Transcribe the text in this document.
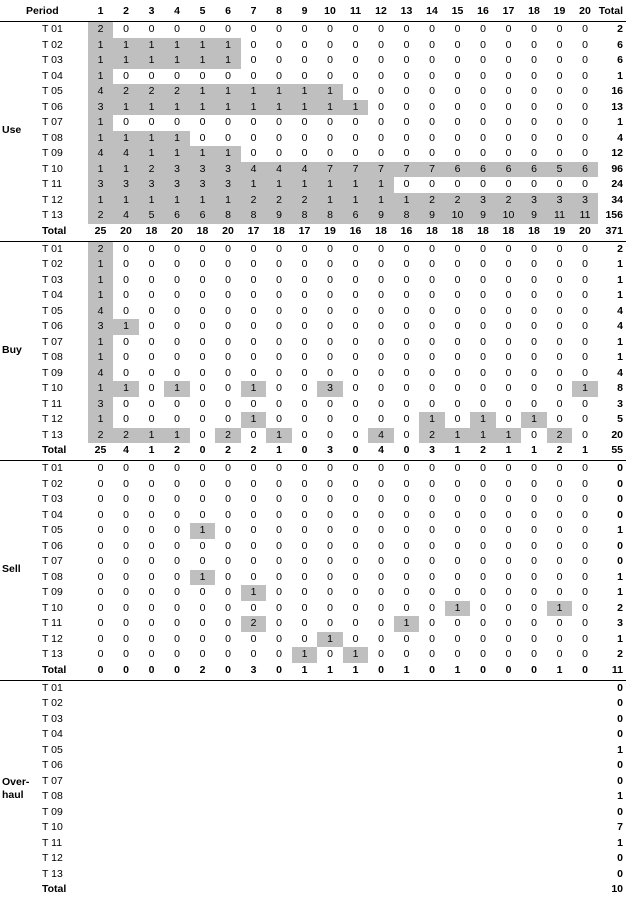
Period	1	2	3	4	5	6	7	8	9	10	11	12	13	14	15	16	17	18	19	20 Total
T 01	2	0	0	0	0	0	0	0	0	0	0	0	0	0	0	0	0	0	0	0	2
T 02	1	1	1	1	1	1	0	0	0	0	0	0	0	0	0	0	0	0	0	0	6
T 03	1	1	1	1	1	1	0	0	0	0	0	0	0	0	0	0	0	0	0	0	6
T 04	1	0	0	0	0	0	0	0	0	0	0	0	0	0	0	0	0	0	0	0	1
T 05	4	2	2	2	1	1	1	1	1	1	0	0	0	0	0	0	0	0	0	0	16
T 06	3	1	1	1	1	1	1	1	1	1	1	0	0	0	0	0	0	0	0	0	13
T 07	1	0	0	0	0	0	0	0	0	0	0	0	0	0	0	0	0	0	0	0	1
T 08	1	1	1	1	0	0	0	0	0	0	0	0	0	0	0	0	0	0	0	0	4
T 09	4	4	1	1	1	1	0	0	0	0	0	0	0	0	0	0	0	0	0	0	12
T 10	1	1	2	3	3	3	4	4	4	7	7	7	7	7	6	6	6	6	5	6	96
T 11	3	3	3	3	3	3	1	1	1	1	1	1	0	0	0	0	0	0	0	0	24
T 12	1	1	1	1	1	1	2	2	2	1	1	1	1	2	2	3	2	3	3	3	34
T 13	2	4	5	6	6	8	8	9	8	8	6	9	8	9	10	9	10	9	11	11	156
Total	25	20	18	20	18	20	17	18	17	19	16	18	16	18	18	18	18	18	19	20	371
Use
T 01	2	0	0	0	0	0	0	0	0	0	0	0	0	0	0	0	0	0	0	0	2
T 02	1	0	0	0	0	0	0	0	0	0	0	0	0	0	0	0	0	0	0	0	1
T 03	1	0	0	0	0	0	0	0	0	0	0	0	0	0	0	0	0	0	0	0	1
T 04	1	0	0	0	0	0	0	0	0	0	0	0	0	0	0	0	0	0	0	0	1
T 05	4	0	0	0	0	0	0	0	0	0	0	0	0	0	0	0	0	0	0	0	4
T 06	3	1	0	0	0	0	0	0	0	0	0	0	0	0	0	0	0	0	0	0	4
T 07	1	0	0	0	0	0	0	0	0	0	0	0	0	0	0	0	0	0	0	0	1
T 08	1	0	0	0	0	0	0	0	0	0	0	0	0	0	0	0	0	0	0	0	1
T 09	4	0	0	0	0	0	0	0	0	0	0	0	0	0	0	0	0	0	0	0	4
T 10	1	1	0	1	0	0	1	0	0	3	0	0	0	0	0	0	0	0	0	1	8
T 11	3	0	0	0	0	0	0	0	0	0	0	0	0	0	0	0	0	0	0	0	3
T 12	1	0	0	0	0	0	1	0	0	0	0	0	0	1	0	1	0	1	0	0	5
T 13	2	2	1	1	0	2	0	1	0	0	0	4	0	2	1	1	1	0	2	0	20
Total	25	4	1	2	0	2	2	1	0	3	0	4	0	3	1	2	1	1	2	1	55
Buy
T 01	0	0	0	0	0	0	0	0	0	0	0	0	0	0	0	0	0	0	0	0	0
T 02	0	0	0	0	0	0	0	0	0	0	0	0	0	0	0	0	0	0	0	0	0
T 03	0	0	0	0	0	0	0	0	0	0	0	0	0	0	0	0	0	0	0	0	0
T 04	0	0	0	0	0	0	0	0	0	0	0	0	0	0	0	0	0	0	0	0	0
T 05	0	0	0	0	1	0	0	0	0	0	0	0	0	0	0	0	0	0	0	0	1
T 06	0	0	0	0	0	0	0	0	0	0	0	0	0	0	0	0	0	0	0	0	0
T 07	0	0	0	0	0	0	0	0	0	0	0	0	0	0	0	0	0	0	0	0	0
T 08	0	0	0	0	1	0	0	0	0	0	0	0	0	0	0	0	0	0	0	0	1
T 09	0	0	0	0	0	0	1	0	0	0	0	0	0	0	0	0	0	0	0	0	1
T 10	0	0	0	0	0	0	0	0	0	0	0	0	0	0	1	0	0	0	1	0	2
T 11	0	0	0	0	0	0	2	0	0	0	0	0	1	0	0	0	0	0	0	0	3
T 12	0	0	0	0	0	0	0	0	0	1	0	0	0	0	0	0	0	0	0	0	1
T 13	0	0	0	0	0	0	0	0	1	0	1	0	0	0	0	0	0	0	0	0	2
Total	0	0	0	0	2	0	3	0	1	1	1	0	1	0	1	0	0	0	1	0	11
Sell
T 01	0
T 02	0
T 03	0
T 04	0
T 05	1
T 06	0
T 07	0
T 08	1
T 09	0
T 10	7
T 11	1
T 12	0
T 13	0
Total	10
Over-
haul
